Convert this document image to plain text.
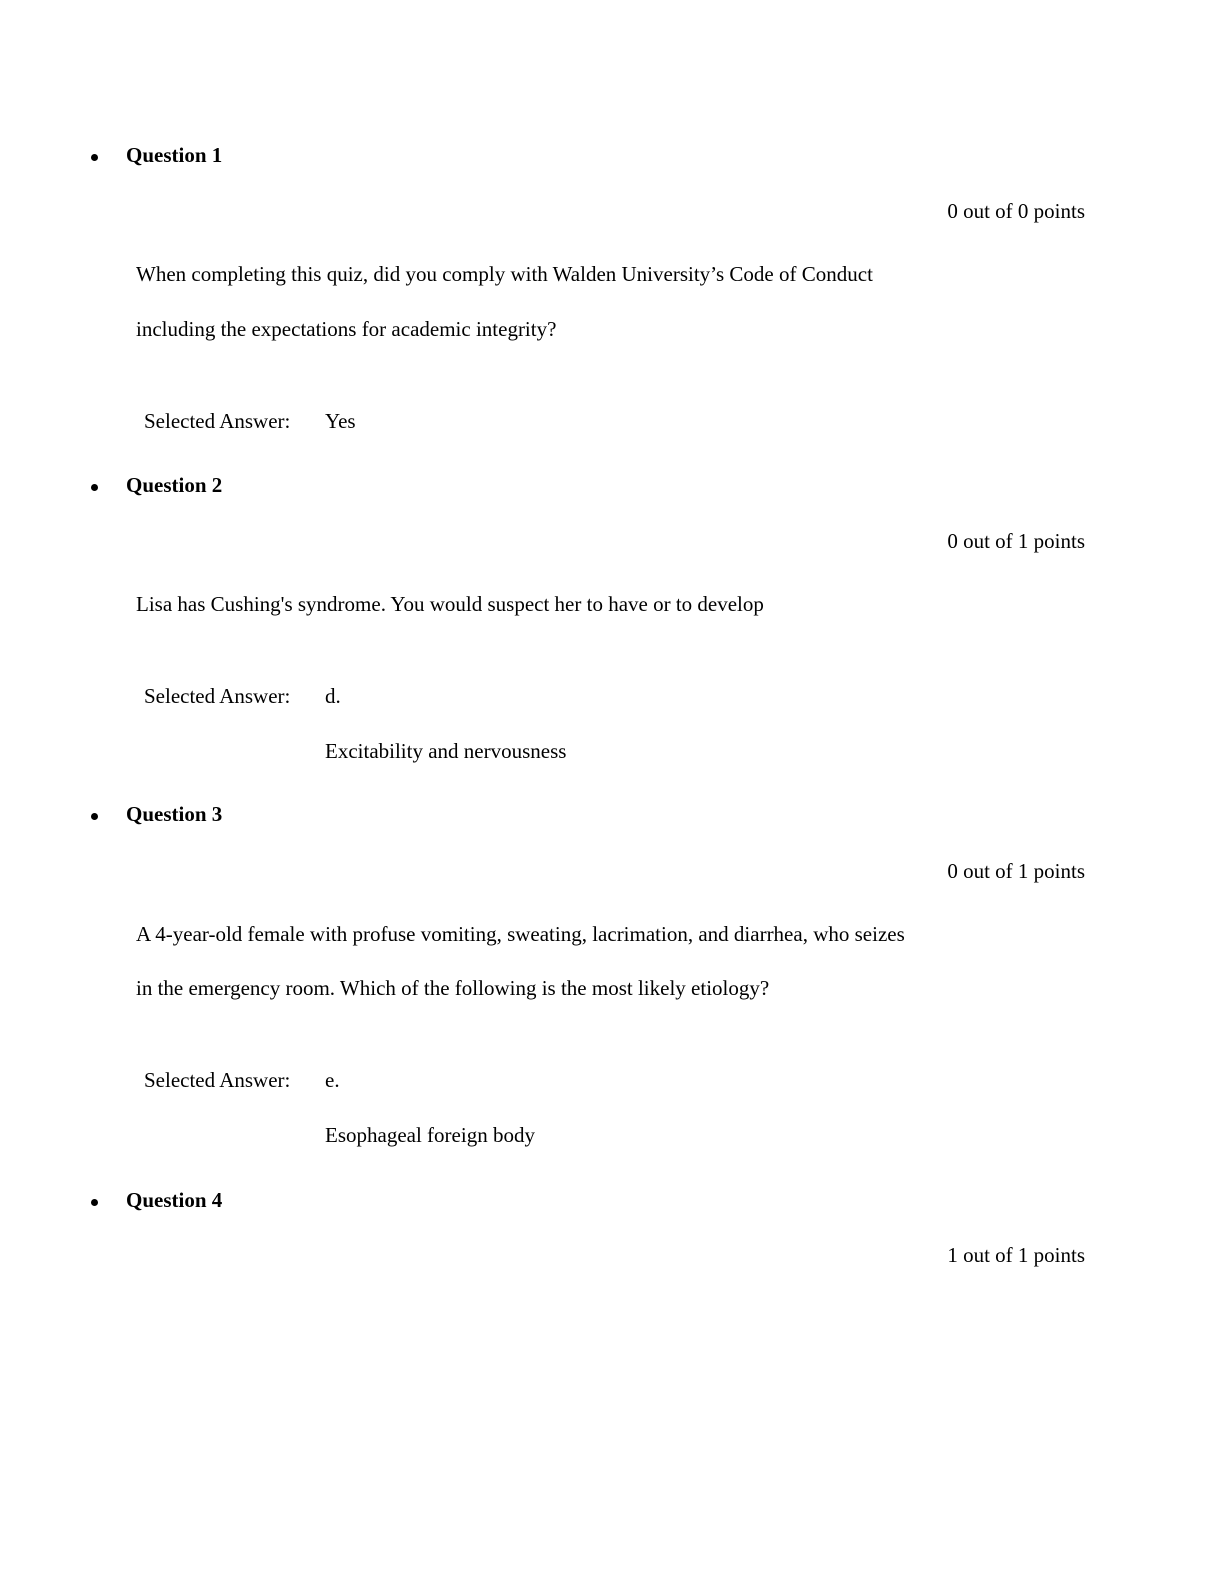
Question 1
0 out of 0 points
When completing this quiz, did you comply with Walden University’s Code of Conduct
including the expectations for academic integrity?
Selected Answer: Yes
Question 2
0 out of 1 points
Lisa has Cushing's syndrome. You would suspect her to have or to develop
Selected Answer: d.
Excitability and nervousness
Question 3
0 out of 1 points
A 4-year-old female with profuse vomiting, sweating, lacrimation, and diarrhea, who seizes
in the emergency room. Which of the following is the most likely etiology?
Selected Answer: e.
Esophageal foreign body
Question 4
1 out of 1 points
